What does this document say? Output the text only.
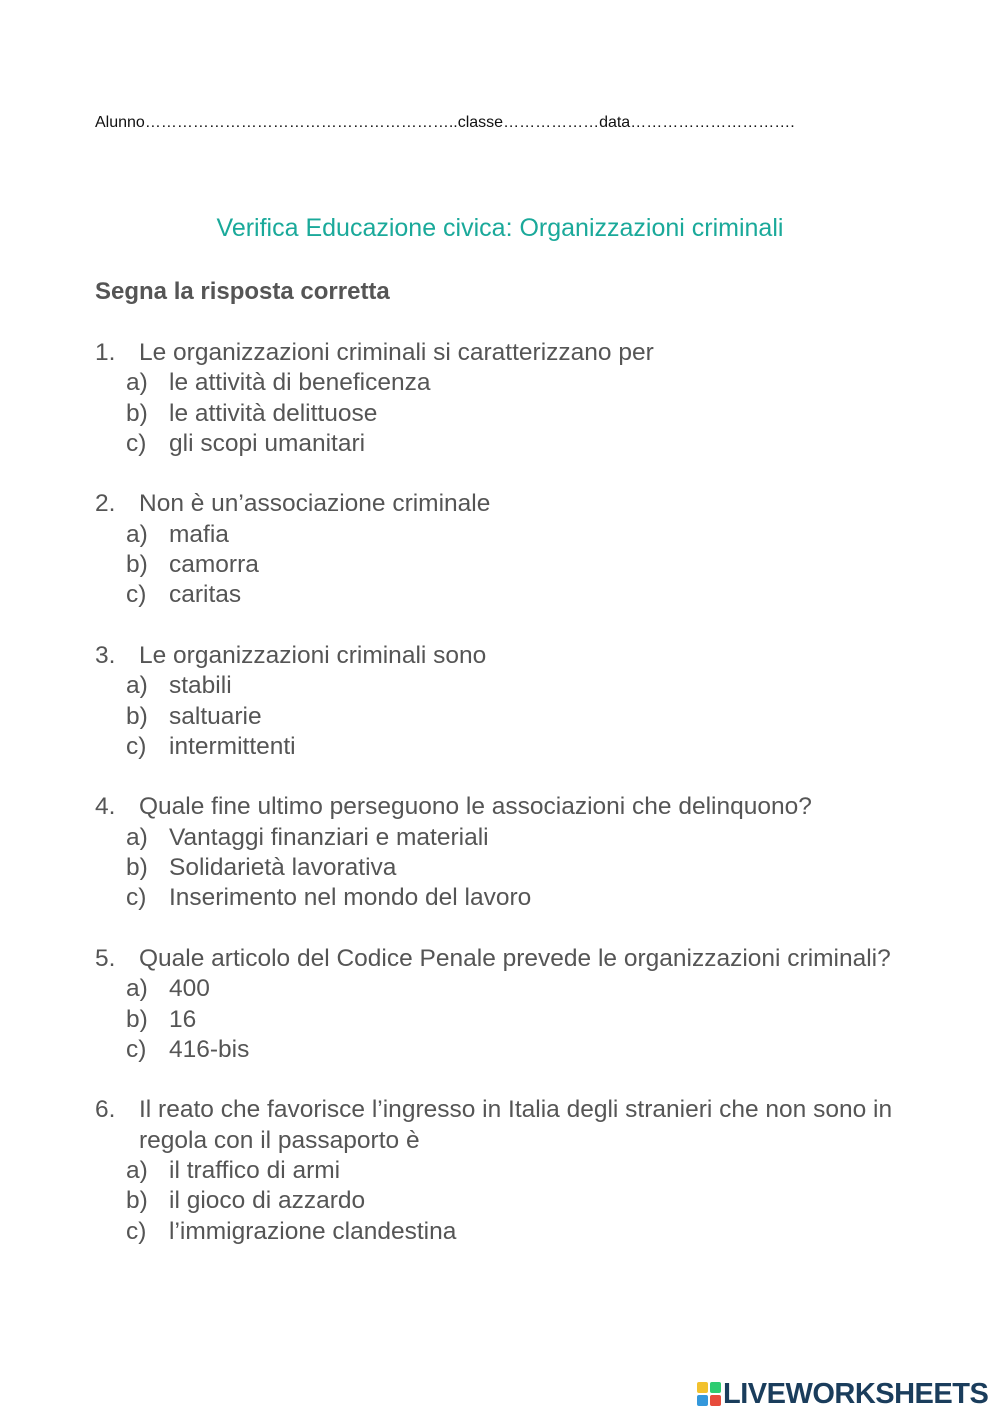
Alunno…………………………………………………..classe………………data………………………….
Verifica Educazione civica: Organizzazioni criminali
Segna la risposta corretta
1. Le organizzazioni criminali si caratterizzano per
a) le attività di beneficenza
b) le attività delittuose
c) gli scopi umanitari
2. Non è un’associazione criminale
a) mafia
b) camorra
c) caritas
3. Le organizzazioni criminali sono
a) stabili
b) saltuarie
c) intermittenti
4. Quale fine ultimo perseguono le associazioni che delinquono?
a) Vantaggi finanziari e materiali
b) Solidarietà lavorativa
c) Inserimento nel mondo del lavoro
5. Quale articolo del Codice Penale prevede le organizzazioni criminali?
a) 400
b) 16
c) 416-bis
6. Il reato che favorisce l’ingresso in Italia degli stranieri che non sono in regola con il passaporto è
a) il traffico di armi
b) il gioco di azzardo
c) l’immigrazione clandestina
LIVEWORKSHEETS
